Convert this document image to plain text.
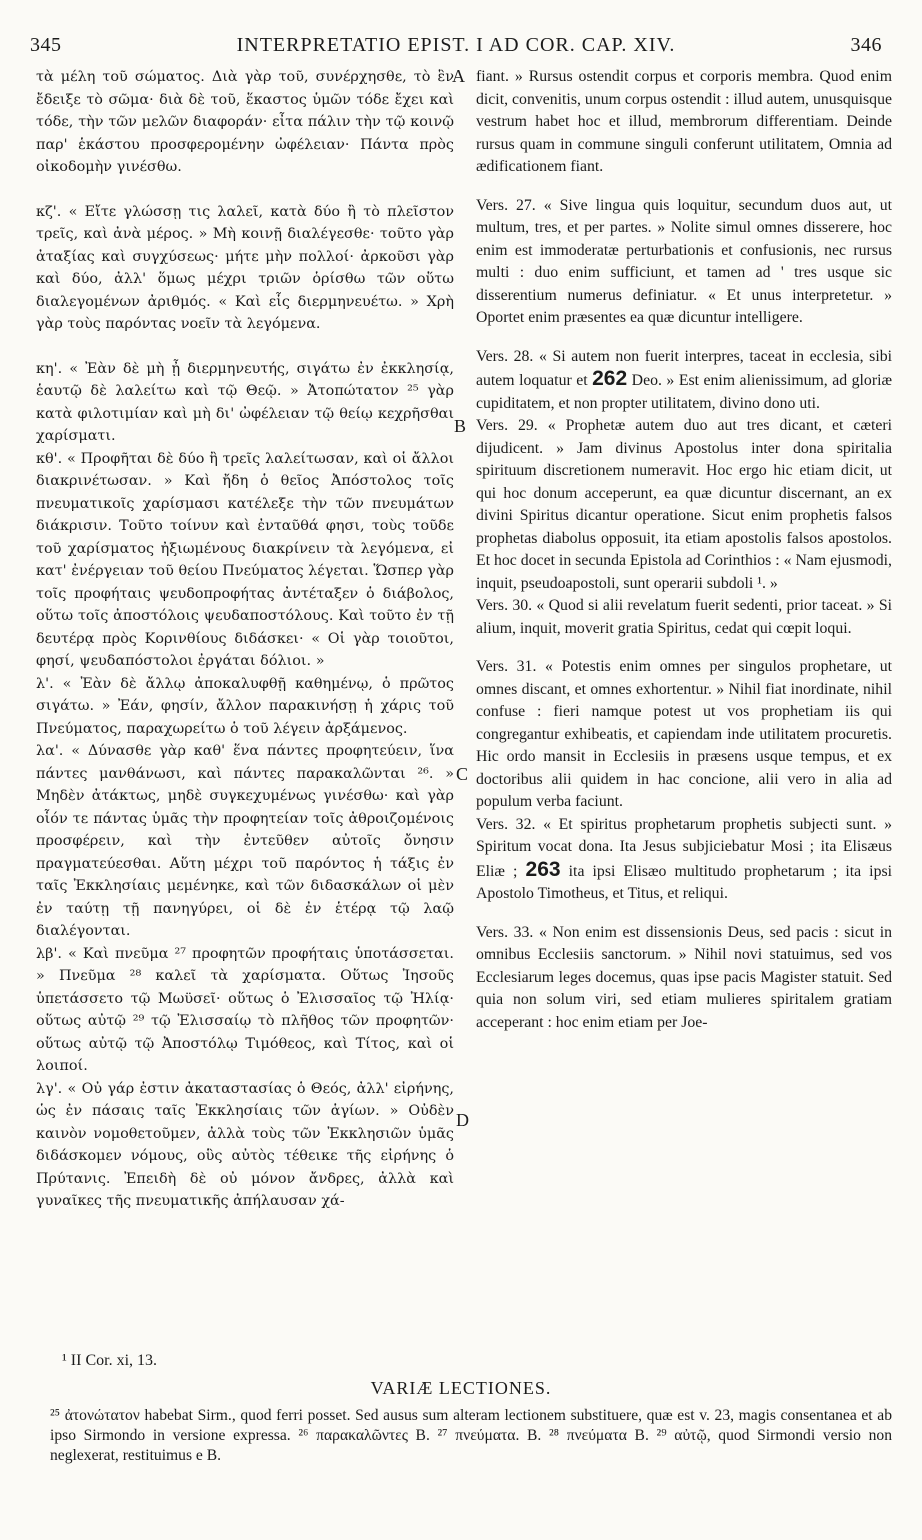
345	INTERPRETATIO EPIST. I AD COR. CAP. XIV.	346
A
B
C
D

τὰ μέλη τοῦ σώματος. Διὰ γὰρ τοῦ, συνέρχησθε, τὸ ἓν ἔδειξε τὸ σῶμα· διὰ δὲ τοῦ, ἕκαστος ὑμῶν τόδε ἔχει καὶ τόδε, τὴν τῶν μελῶν διαφοράν· εἶτα πάλιν τὴν τῷ κοινῷ παρ' ἑκάστου προσφερομένην ὠφέλειαν· Πάντα πρὸς οἰκοδομὴν γινέσθω.

κζ'. « Εἴτε γλώσσῃ τις λαλεῖ, κατὰ δύο ἢ τὸ πλεῖστον τρεῖς, καὶ ἀνὰ μέρος. » Μὴ κοινῇ διαλέγεσθε· τοῦτο γὰρ ἀταξίας καὶ συγχύσεως· μήτε μὴν πολλοί· ἀρκοῦσι γὰρ καὶ δύο, ἀλλ' ὅμως μέχρι τριῶν ὁρίσθω τῶν οὕτω διαλεγομένων ἀριθμός. « Καὶ εἷς διερμηνευέτω. » Χρὴ γὰρ τοὺς παρόντας νοεῖν τὰ λεγόμενα.

κη'. « Ἐὰν δὲ μὴ ᾖ διερμηνευτής, σιγάτω ἐν ἐκκλησίᾳ, ἑαυτῷ δὲ λαλείτω καὶ τῷ Θεῷ. » Ἀτοπώτατον ²⁵ γὰρ κατὰ φιλοτιμίαν καὶ μὴ δι' ὠφέλειαν τῷ θείῳ κεχρῆσθαι χαρίσματι.

κθ'. « Προφῆται δὲ δύο ἢ τρεῖς λαλείτωσαν, καὶ οἱ ἄλλοι διακρινέτωσαν. » Καὶ ἤδη ὁ θεῖος Ἀπόστολος τοῖς πνευματικοῖς χαρίσμασι κατέλεξε τὴν τῶν πνευμάτων διάκρισιν. Τοῦτο τοίνυν καὶ ἐνταῦθά φησι, τοὺς τοῦδε τοῦ χαρίσματος ἠξιωμένους διακρίνειν τὰ λεγόμενα, εἰ κατ' ἐνέργειαν τοῦ θείου Πνεύματος λέγεται. Ὥσπερ γὰρ τοῖς προφήταις ψευδοπροφήτας ἀντέταξεν ὁ διάβολος, οὕτω τοῖς ἀποστόλοις ψευδαποστόλους. Καὶ τοῦτο ἐν τῇ δευτέρᾳ πρὸς Κορινθίους διδάσκει· « Οἱ γὰρ τοιοῦτοι, φησί, ψευδαπόστολοι ἐργάται δόλιοι. »

λ'. « Ἐὰν δὲ ἄλλῳ ἀποκαλυφθῇ καθημένῳ, ὁ πρῶτος σιγάτω. » Ἐάν, φησίν, ἄλλον παρακινήσῃ ἡ χάρις τοῦ Πνεύματος, παραχωρείτω ὁ τοῦ λέγειν ἀρξάμενος.

λα'. « Δύνασθε γὰρ καθ' ἕνα πάντες προφητεύειν, ἵνα πάντες μανθάνωσι, καὶ πάντες παρακαλῶνται ²⁶. » Μηδὲν ἀτάκτως, μηδὲ συγκεχυμένως γινέσθω· καὶ γὰρ οἷόν τε πάντας ὑμᾶς τὴν προφητείαν τοῖς ἀθροιζομένοις προσφέρειν, καὶ τὴν ἐντεῦθεν αὐτοῖς ὄνησιν πραγματεύεσθαι. Αὕτη μέχρι τοῦ παρόντος ἡ τάξις ἐν ταῖς Ἐκκλησίαις μεμένηκε, καὶ τῶν διδασκάλων οἱ μὲν ἐν ταύτῃ τῇ πανηγύρει, οἱ δὲ ἐν ἑτέρᾳ τῷ λαῷ διαλέγονται.

λβ'. « Καὶ πνεῦμα ²⁷ προφητῶν προφήταις ὑποτάσσεται. » Πνεῦμα ²⁸ καλεῖ τὰ χαρίσματα. Οὕτως Ἰησοῦς ὑπετάσσετο τῷ Μωϋσεῖ· οὕτως ὁ Ἐλισσαῖος τῷ Ἠλίᾳ· οὕτως αὐτῷ ²⁹ τῷ Ἐλισσαίῳ τὸ πλῆθος τῶν προφητῶν· οὕτως αὐτῷ τῷ Ἀποστόλῳ Τιμόθεος, καὶ Τίτος, καὶ οἱ λοιποί.

λγ'. « Οὐ γάρ ἐστιν ἀκαταστασίας ὁ Θεός, ἀλλ' εἰρήνης, ὡς ἐν πάσαις ταῖς Ἐκκλησίαις τῶν ἁγίων. » Οὐδὲν καινὸν νομοθετοῦμεν, ἀλλὰ τοὺς τῶν Ἐκκλησιῶν ὑμᾶς διδάσκομεν νόμους, οὓς αὐτὸς τέθεικε τῆς εἰρήνης ὁ Πρύτανις. Ἐπειδὴ δὲ οὐ μόνον ἄνδρες, ἀλλὰ καὶ γυναῖκες τῆς πνευματικῆς ἀπήλαυσαν χά-

fiant. » Rursus ostendit corpus et corporis membra. Quod enim dicit, convenitis, unum corpus ostendit : illud autem, unusquisque vestrum habet hoc et illud, membrorum differentiam. Deinde rursus quam in commune singuli conferunt utilitatem, Omnia ad ædificationem fiant.

Vers. 27. « Sive lingua quis loquitur, secundum duos aut, ut multum, tres, et per partes. » Nolite simul omnes disserere, hoc enim est immoderatæ perturbationis et confusionis, nec rursus multi : duo enim sufficiunt, et tamen ad ' tres usque sic disserentium numerus definiatur. « Et unus interpretetur. » Oportet enim præsentes ea quæ dicuntur intelligere.

Vers. 28. « Si autem non fuerit interpres, taceat in ecclesia, sibi autem loquatur et 262 Deo. » Est enim alienissimum, ad gloriæ cupiditatem, et non propter utilitatem, divino dono uti.

Vers. 29. « Prophetæ autem duo aut tres dicant, et cæteri dijudicent. » Jam divinus Apostolus inter dona spiritalia spirituum discretionem numeravit. Hoc ergo hic etiam dicit, ut qui hoc donum acceperunt, ea quæ dicuntur discernant, an ex divini Spiritus dicantur operatione. Sicut enim prophetis falsos prophetas diabolus opposuit, ita etiam apostolis falsos apostolos. Et hoc docet in secunda Epistola ad Corinthios : « Nam ejusmodi, inquit, pseudoapostoli, sunt operarii subdoli ¹. »

Vers. 30. « Quod si alii revelatum fuerit sedenti, prior taceat. » Si alium, inquit, moverit gratia Spiritus, cedat qui cœpit loqui.

Vers. 31. « Potestis enim omnes per singulos prophetare, ut omnes discant, et omnes exhortentur. » Nihil fiat inordinate, nihil confuse : fieri namque potest ut vos prophetiam iis qui congregantur exhibeatis, et capiendam inde utilitatem procuretis. Hic ordo mansit in Ecclesiis in præsens usque tempus, et ex doctoribus alii quidem in hac concione, alii vero in alia ad populum verba faciunt.

Vers. 32. « Et spiritus prophetarum prophetis subjecti sunt. » Spiritum vocat dona. Ita Jesus subjiciebatur Mosi ; ita Elisæus Eliæ ; 263 ita ipsi Elisæo multitudo prophetarum ; ita ipsi Apostolo Timotheus, et Titus, et reliqui.

Vers. 33. « Non enim est dissensionis Deus, sed pacis : sicut in omnibus Ecclesiis sanctorum. » Nihil novi statuimus, sed vos Ecclesiarum leges docemus, quas ipse pacis Magister statuit. Sed quia non solum viri, sed etiam mulieres spiritalem gratiam acceperant : hoc enim etiam per Joe-

¹ II Cor. xi, 13.
VARIÆ LECTIONES.
²⁵ ἀτονώτατον habebat Sirm., quod ferri posset. Sed ausus sum alteram lectionem substituere, quæ est v. 23, magis consentanea et ab ipso Sirmondo in versione expressa. ²⁶ παρακαλῶντες B. ²⁷ πνεύματα. B. ²⁸ πνεύματα B. ²⁹ αὐτῷ, quod Sirmondi versio non neglexerat, restituimus e B.
